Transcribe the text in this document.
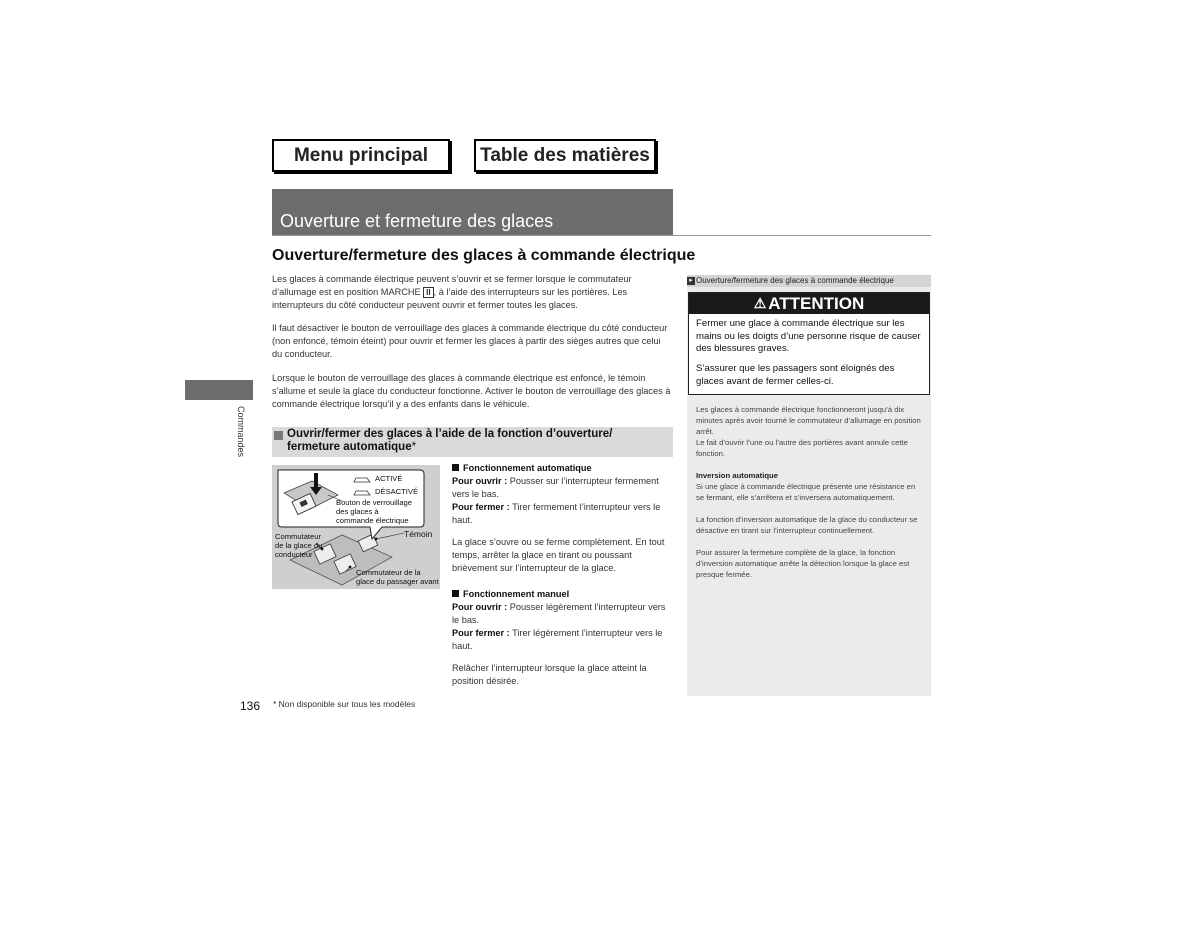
Menu principal	Table des matières
Ouverture et fermeture des glaces
Commandes
Ouverture/fermeture des glaces à commande électrique
Les glaces à commande électrique peuvent s’ouvrir et se fermer lorsque le commutateur d’allumage est en position MARCHE II , à l’aide des interrupteurs sur les portières. Les interrupteurs du côté conducteur peuvent ouvrir et fermer toutes les glaces.
Il faut désactiver le bouton de verrouillage des glaces à commande électrique du côté conducteur (non enfoncé, témoin éteint) pour ouvrir et fermer les glaces à partir des sièges autres que celui du conducteur.
Lorsque le bouton de verrouillage des glaces à commande électrique est enfoncé, le témoin s’allume et seule la glace du conducteur fonctionne. Activer le bouton de verrouillage des glaces à commande électrique lorsqu’il y a des enfants dans le véhicule.
Ouvrir/fermer des glaces à l’aide de la fonction d’ouverture/ fermeture automatique*
ACTIVÉ
DÉSACTIVÉ
Bouton de verrouillage
des glaces à
commande électrique
Témoin
Commutateur
de la glace du
conducteur
Commutateur de la
glace du passager avant
Fonctionnement automatique
Pour ouvrir : Pousser sur l’interrupteur fermement vers le bas.
Pour fermer : Tirer fermement l’interrupteur vers le haut.
La glace s’ouvre ou se ferme complètement. En tout temps, arrêter la glace en tirant ou poussant brièvement sur l’interrupteur de la glace.
Fonctionnement manuel
Pour ouvrir : Pousser légèrement l’interrupteur vers le bas.
Pour fermer : Tirer légèrement l’interrupteur vers le haut.
Relâcher l’interrupteur lorsque la glace atteint la position désirée.
▸ Ouverture/fermeture des glaces à commande électrique
⚠ ATTENTION
Fermer une glace à commande électrique sur les mains ou les doigts d’une personne risque de causer des blessures graves.
S’assurer que les passagers sont éloignés des glaces avant de fermer celles-ci.
Les glaces à commande électrique fonctionneront jusqu’à dix minutes après avoir tourné le commutateur d’allumage en position arrêt.
Le fait d’ouvrir l’une ou l’autre des portières avant annule cette fonction.
Inversion automatique
Si une glace à commande électrique présente une résistance en se fermant, elle s’arrêtera et s’inversera automatiquement.
La fonction d’inversion automatique de la glace du conducteur se désactive en tirant sur l’interrupteur continuellement.
Pour assurer la fermeture complète de la glace, la fonction d’inversion automatique arrête la détection lorsque la glace est presque fermée.
136 * Non disponible sur tous les modèles
